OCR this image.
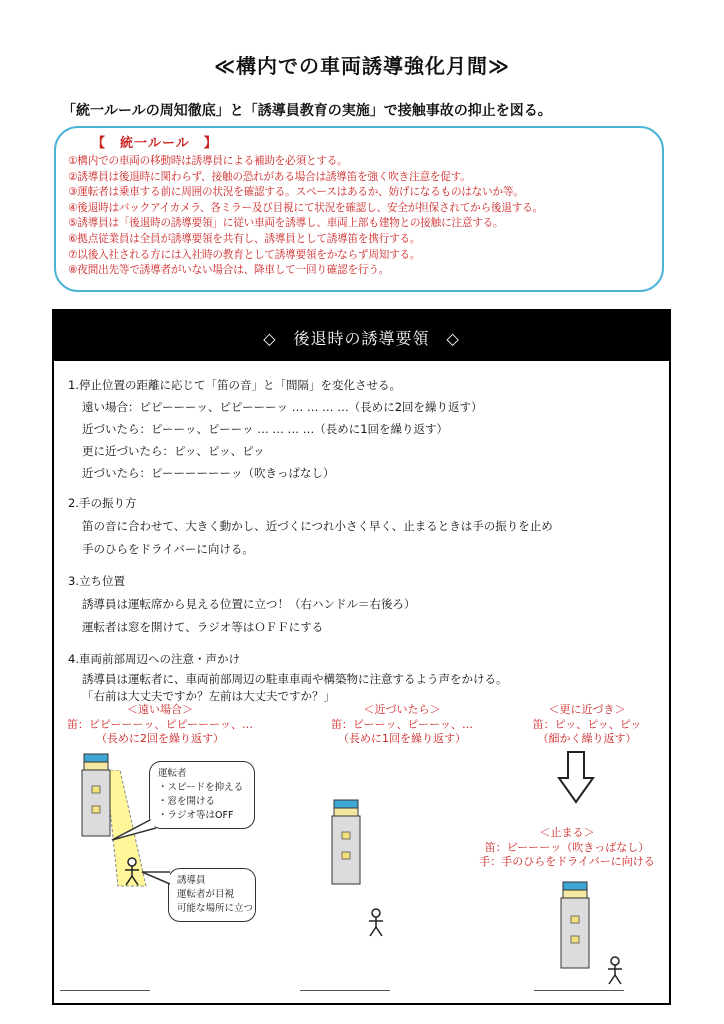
≪構内での車両誘導強化月間≫
「統一ルールの周知徹底」と「誘導員教育の実施」で接触事故の抑止を図る。
【　統一ルール　】
①構内での車両の移動時は誘導員による補助を必須とする。
②誘導員は後退時に関わらず、接触の恐れがある場合は誘導笛を強く吹き注意を促す。
③運転者は乗車する前に周囲の状況を確認する。スペースはあるか、妨げになるものはないか等。
④後退時はバックアイカメラ、各ミラー及び目視にて状況を確認し、安全が担保されてから後退する。
⑤誘導員は「後退時の誘導要領」に従い車両を誘導し、車両上部も建物との接触に注意する。
⑥拠点従業員は全員が誘導要領を共有し、誘導員として誘導笛を携行する。
⑦以後入社される方には入社時の教育として誘導要領をかならず周知する。
⑧夜間出先等で誘導者がいない場合は、降車して一回り確認を行う。
◇　後退時の誘導要領　◇
1.停止位置の距離に応じて「笛の音」と「間隔」を変化させる。
遠い場合：ピピーーーッ、ピピーーーッ … … … …（長めに2回を繰り返す）
近づいたら：ピーーッ、ピーーッ … … … …（長めに1回を繰り返す）
更に近づいたら：ピッ、ピッ、ピッ
近づいたら：ピーーーーーーッ（吹きっぱなし）
2.手の振り方
笛の音に合わせて、大きく動かし、近づくにつれ小さく早く、止まるときは手の振りを止め
手のひらをドライバーに向ける。
3.立ち位置
誘導員は運転席から見える位置に立つ！（右ハンドル＝右後ろ）
運転者は窓を開けて、ラジオ等はＯＦＦにする
4.車両前部周辺への注意・声かけ
誘導員は運転者に、車両前部周辺の駐車車両や構築物に注意するよう声をかける。
「右前は大丈夫ですか？左前は大丈夫ですか？」
＜遠い場合＞
笛：ピピーーーッ、ピピーーーッ、…
（長めに2回を繰り返す）
＜近づいたら＞
笛：ピーーッ、ピーーッ、…
（長めに1回を繰り返す）
＜更に近づき＞
笛：ピッ、ピッ、ピッ
（細かく繰り返す）
＜止まる＞
笛：ピーーーッ（吹きっぱなし）
手：手のひらをドライバーに向ける
運転者
・スピードを抑える
・窓を開ける
・ラジオ等はOFF
誘導員
運転者が目視
可能な場所に立つ
